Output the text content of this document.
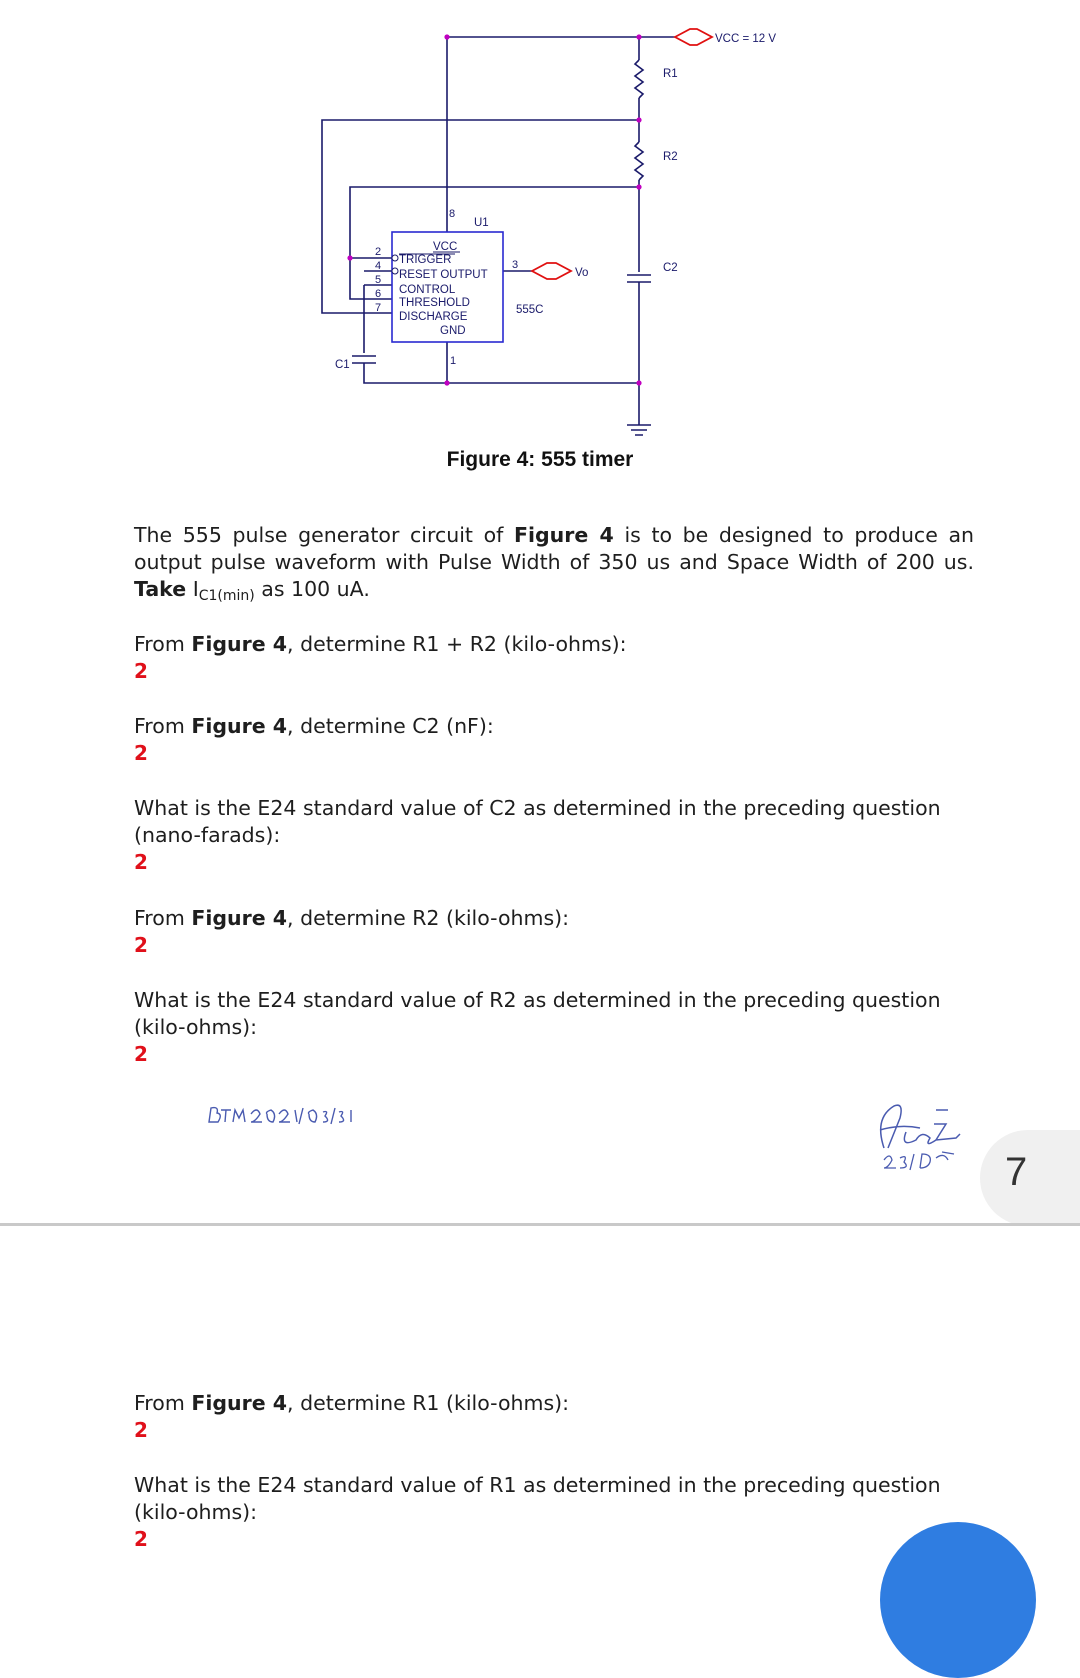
VCC = 12 V
R1
R2
C2
C1
U1
555C
Vo
8
2
4
5
6
7
3
1
VCC
TRIGGER
RESET OUTPUT
CONTROL
THRESHOLD
DISCHARGE
GND
Figure 4: 555 timer
The 555 pulse generator circuit of Figure 4 is to be designed to produce an output pulse waveform with Pulse Width of 350 us and Space Width of 200 us. Take $I_{C1(min)}$ as 100 uA.
From Figure 4, determine R1 + R2 (kilo-ohms):
2
From Figure 4, determine C2 (nF):
2
What is the E24 standard value of C2 as determined in the preceding question (nano-farads):
2
From Figure 4, determine R2 (kilo-ohms):
2
What is the E24 standard value of R2 as determined in the preceding question (kilo-ohms):
2
7
From Figure 4, determine R1 (kilo-ohms):
2
What is the E24 standard value of R1 as determined in the preceding question (kilo-ohms):
2
